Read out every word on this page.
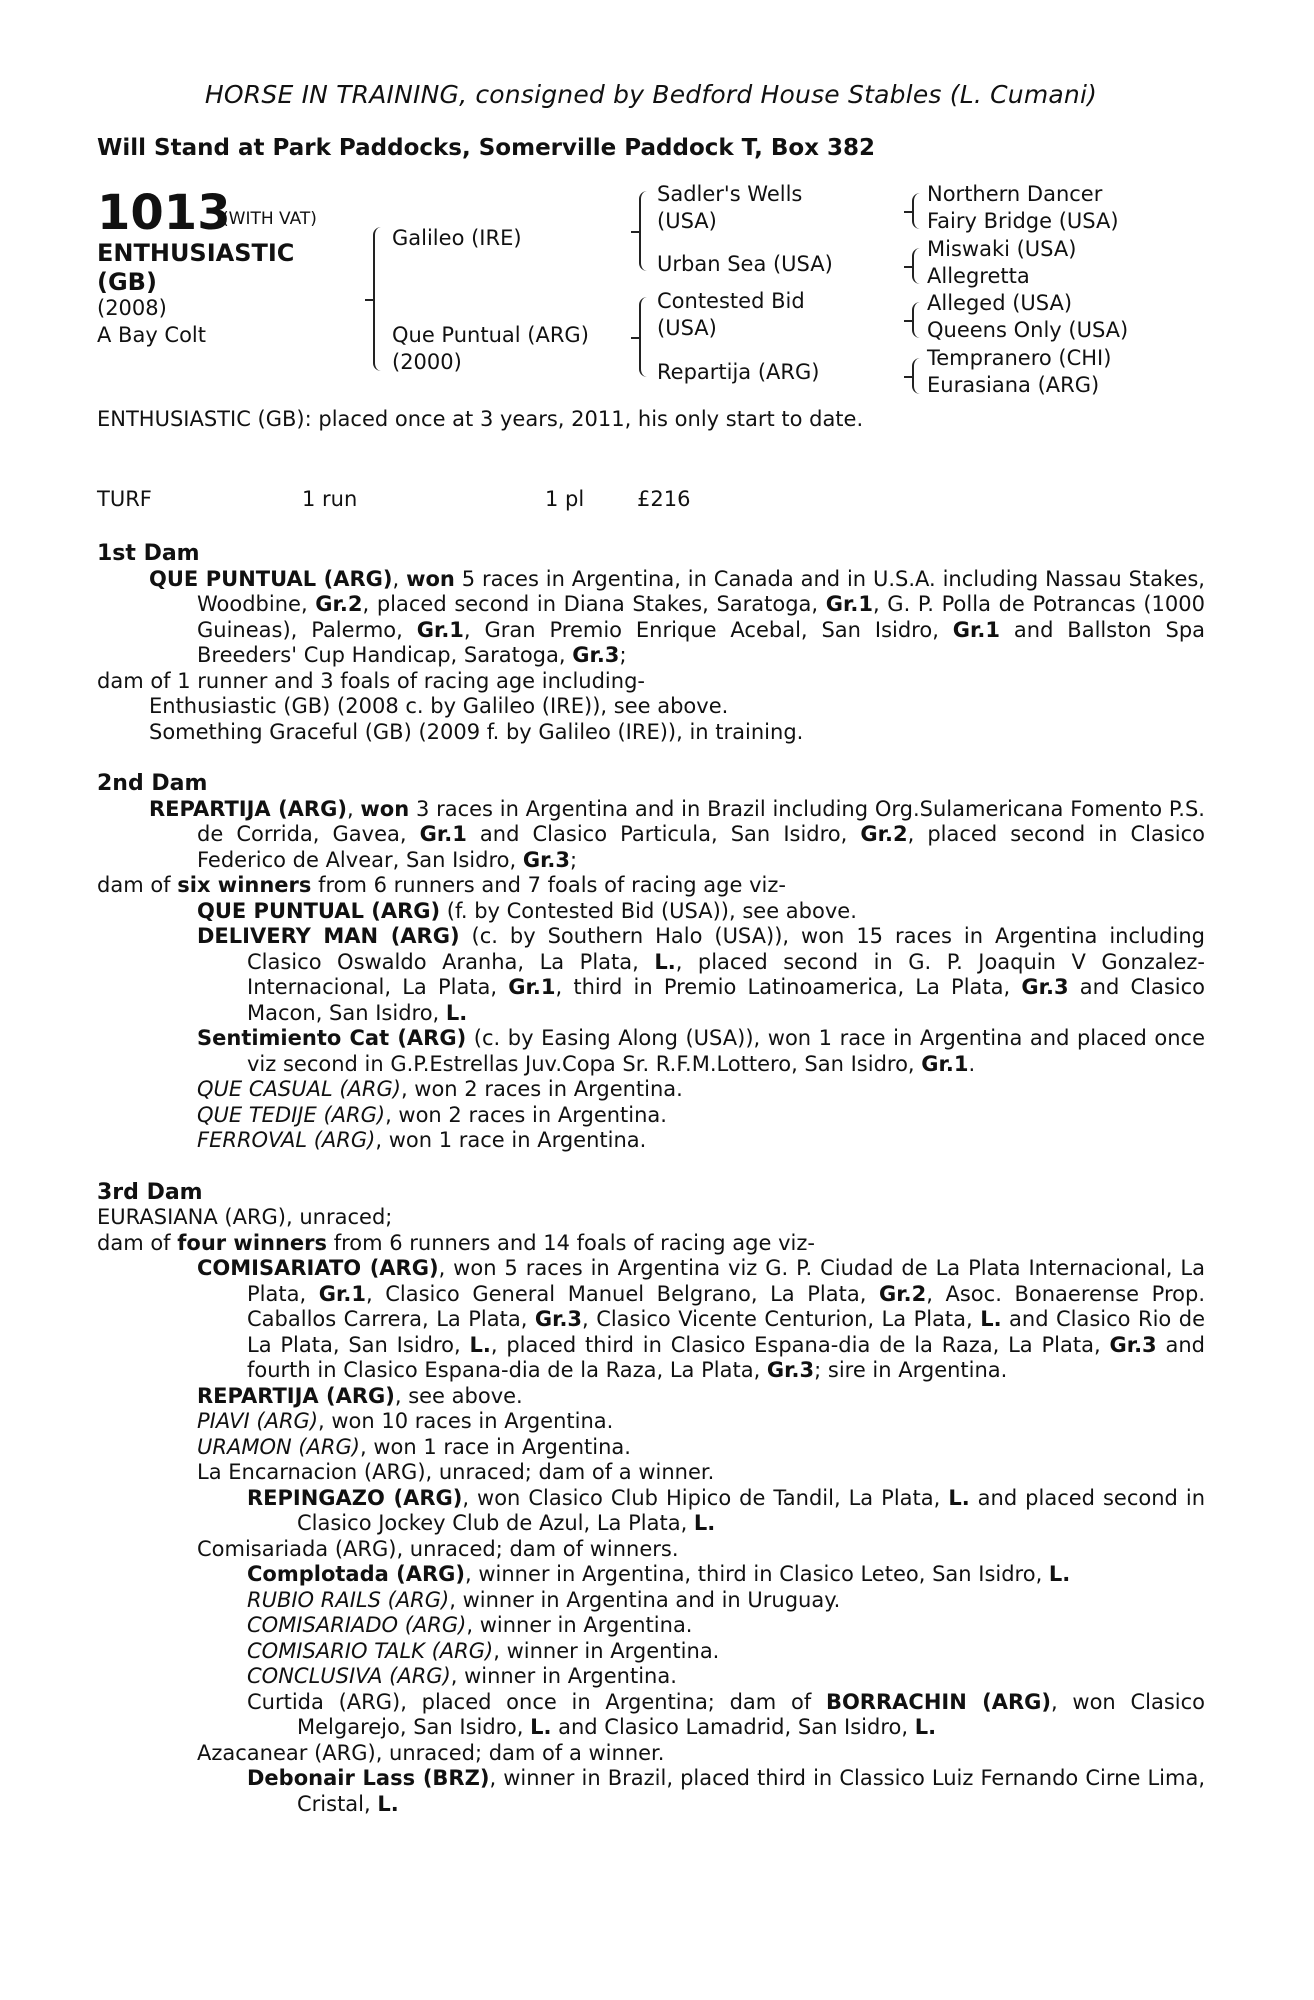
HORSE IN TRAINING, consigned by Bedford House Stables (L. Cumani)
Will Stand at Park Paddocks, Somerville Paddock T, Box 382
1013
(WITH VAT)
ENTHUSIASTIC (GB)
(2008)
A Bay Colt
Galileo (IRE)
Que Puntual (ARG)
(2000)
Sadler's Wells
(USA)
Urban Sea (USA)
Contested Bid
(USA)
Repartija (ARG)
Northern Dancer
Fairy Bridge (USA)
Miswaki (USA)
Allegretta
Alleged (USA)
Queens Only (USA)
Tempranero (CHI)
Eurasiana (ARG)
ENTHUSIASTIC (GB): placed once at 3 years, 2011, his only start to date.
TURF	1 run	1 pl	£216
1st Dam

QUE PUNTUAL (ARG), won 5 races in Argentina, in Canada and in U.S.A. including Nassau Stakes, Woodbine, Gr.2, placed second in Diana Stakes, Saratoga, Gr.1, G. P. Polla de Potrancas (1000 Guineas), Palermo, Gr.1, Gran Premio Enrique Acebal, San Isidro, Gr.1 and Ballston Spa Breeders' Cup Handicap, Saratoga, Gr.3;

dam of 1 runner and 3 foals of racing age including-

Enthusiastic (GB) (2008 c. by Galileo (IRE)), see above.

Something Graceful (GB) (2009 f. by Galileo (IRE)), in training.

2nd Dam

REPARTIJA (ARG), won 3 races in Argentina and in Brazil including Org.Sulamericana Fomento P.S. de Corrida, Gavea, Gr.1 and Clasico Particula, San Isidro, Gr.2, placed second in Clasico Federico de Alvear, San Isidro, Gr.3;

dam of six winners from 6 runners and 7 foals of racing age viz-

QUE PUNTUAL (ARG) (f. by Contested Bid (USA)), see above.

DELIVERY MAN (ARG) (c. by Southern Halo (USA)), won 15 races in Argentina including Clasico Oswaldo Aranha, La Plata, L., placed second in G. P. Joaquin V Gonzalez-Internacional, La Plata, Gr.1, third in Premio Latinoamerica, La Plata, Gr.3 and Clasico Macon, San Isidro, L.

Sentimiento Cat (ARG) (c. by Easing Along (USA)), won 1 race in Argentina and placed once viz second in G.P.Estrellas Juv.Copa Sr. R.F.M.Lottero, San Isidro, Gr.1.

QUE CASUAL (ARG), won 2 races in Argentina.

QUE TEDIJE (ARG), won 2 races in Argentina.

FERROVAL (ARG), won 1 race in Argentina.

3rd Dam

EURASIANA (ARG), unraced;

dam of four winners from 6 runners and 14 foals of racing age viz-

COMISARIATO (ARG), won 5 races in Argentina viz G. P. Ciudad de La Plata Internacional, La Plata, Gr.1, Clasico General Manuel Belgrano, La Plata, Gr.2, Asoc. Bonaerense Prop. Caballos Carrera, La Plata, Gr.3, Clasico Vicente Centurion, La Plata, L. and Clasico Rio de La Plata, San Isidro, L., placed third in Clasico Espana-dia de la Raza, La Plata, Gr.3 and fourth in Clasico Espana-dia de la Raza, La Plata, Gr.3; sire in Argentina.

REPARTIJA (ARG), see above.

PIAVI (ARG), won 10 races in Argentina.

URAMON (ARG), won 1 race in Argentina.

La Encarnacion (ARG), unraced; dam of a winner.

REPINGAZO (ARG), won Clasico Club Hipico de Tandil, La Plata, L. and placed second in Clasico Jockey Club de Azul, La Plata, L.

Comisariada (ARG), unraced; dam of winners.

Complotada (ARG), winner in Argentina, third in Clasico Leteo, San Isidro, L.

RUBIO RAILS (ARG), winner in Argentina and in Uruguay.

COMISARIADO (ARG), winner in Argentina.

COMISARIO TALK (ARG), winner in Argentina.

CONCLUSIVA (ARG), winner in Argentina.

Curtida (ARG), placed once in Argentina; dam of BORRACHIN (ARG), won Clasico Melgarejo, San Isidro, L. and Clasico Lamadrid, San Isidro, L.

Azacanear (ARG), unraced; dam of a winner.

Debonair Lass (BRZ), winner in Brazil, placed third in Classico Luiz Fernando Cirne Lima, Cristal, L.
